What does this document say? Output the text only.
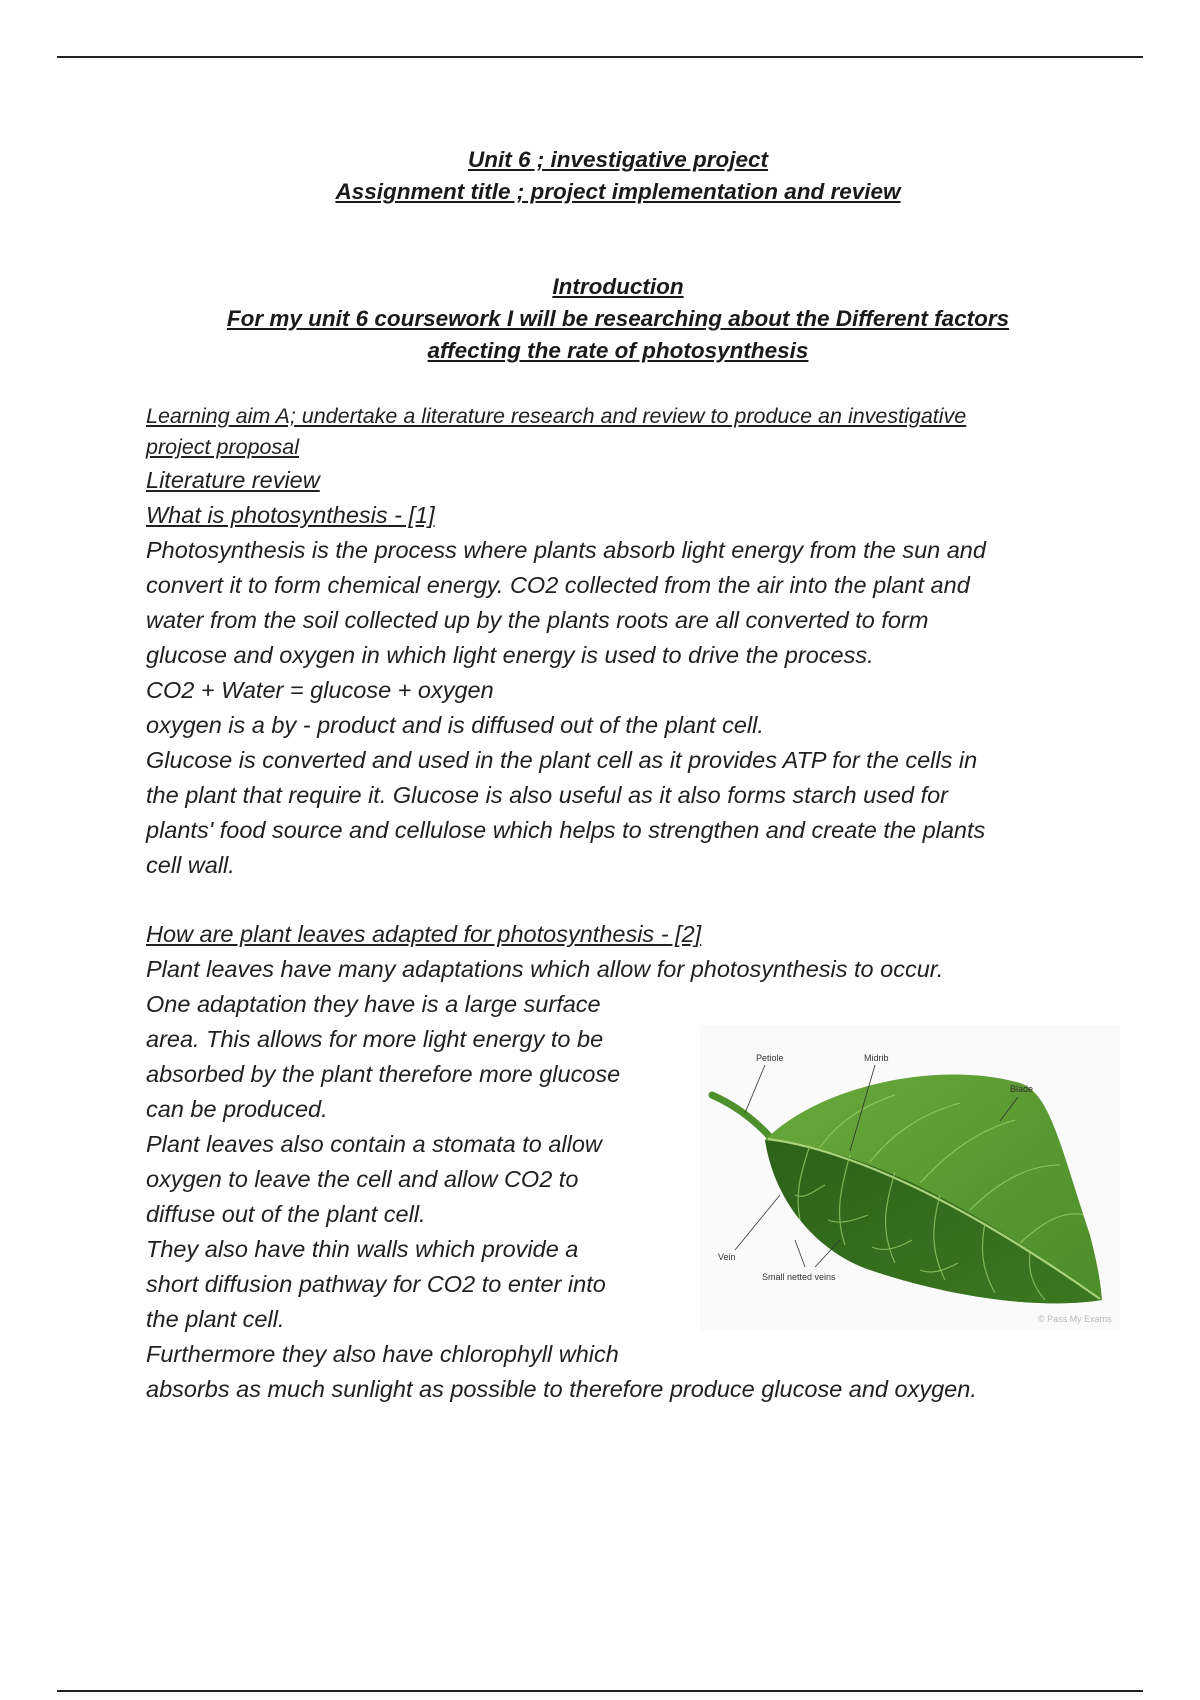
Unit 6 ; investigative project
Assignment title ; project implementation and review
Introduction
For my unit 6 coursework I will be researching about the Different factors
affecting the rate of photosynthesis
Learning aim A; undertake a literature research and review to produce an investigative
project proposal
Literature review
What is photosynthesis - [1]
Photosynthesis is the process where plants absorb light energy from the sun and
convert it to form chemical energy. CO2 collected from the air into the plant and
water from the soil collected up by the plants roots are all converted to form
glucose and oxygen in which light energy is used to drive the process.
CO2 + Water = glucose + oxygen
oxygen is a by - product and is diffused out of the plant cell.
Glucose is converted and used in the plant cell as it provides ATP for the cells in
the plant that require it. Glucose is also useful as it also forms starch used for
plants' food source and cellulose which helps to strengthen and create the plants
cell wall.
How are plant leaves adapted for photosynthesis - [2]
Plant leaves have many adaptations which allow for photosynthesis to occur.
One adaptation they have is a large surface
area. This allows for more light energy to be
absorbed by the plant therefore more glucose
can be produced.
Plant leaves also contain a stomata to allow
oxygen to leave the cell and allow CO2 to
diffuse out of the plant cell.
They also have thin walls which provide a
short diffusion pathway for CO2 to enter into
the plant cell.
Furthermore they also have chlorophyll which
absorbs as much sunlight as possible to therefore produce glucose and oxygen.
Petiole	Midrib
Blade
Vein
Small netted veins
© Pass My Exams
